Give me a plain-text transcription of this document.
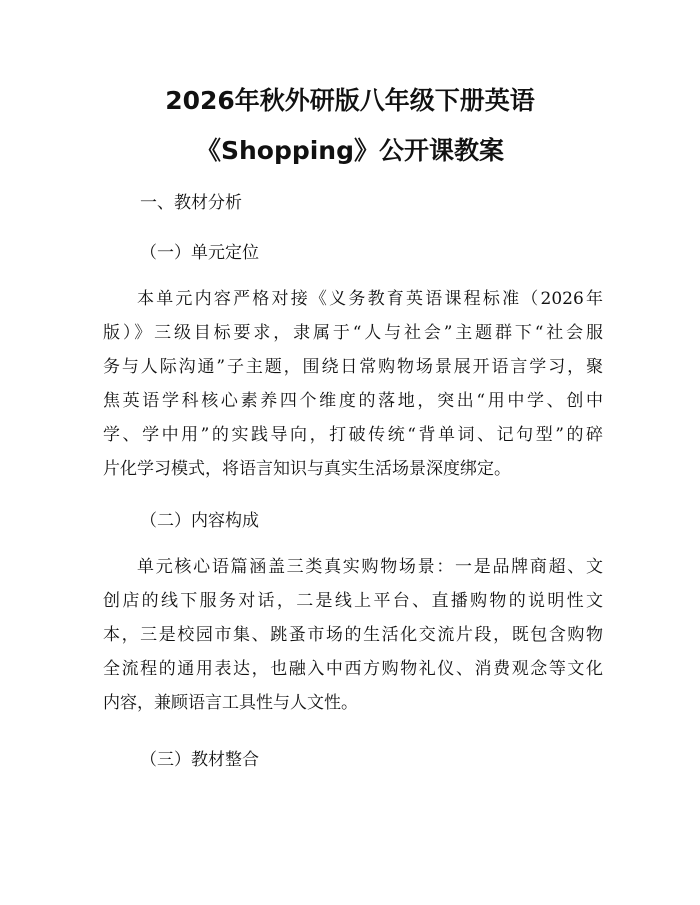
2026年秋外研版八年级下册英语
《Shopping》公开课教案
一、教材分析
（一）单元定位
本单元内容严格对接《义务教育英语课程标准（2026年
版）》三级目标要求，隶属于“人与社会”主题群下“社会服
务与人际沟通”子主题，围绕日常购物场景展开语言学习，聚
焦英语学科核心素养四个维度的落地，突出“用中学、创中
学、学中用”的实践导向，打破传统“背单词、记句型”的碎
片化学习模式，将语言知识与真实生活场景深度绑定。
（二）内容构成
单元核心语篇涵盖三类真实购物场景：一是品牌商超、文
创店的线下服务对话，二是线上平台、直播购物的说明性文
本，三是校园市集、跳蚤市场的生活化交流片段，既包含购物
全流程的通用表达，也融入中西方购物礼仪、消费观念等文化
内容，兼顾语言工具性与人文性。
（三）教材整合
